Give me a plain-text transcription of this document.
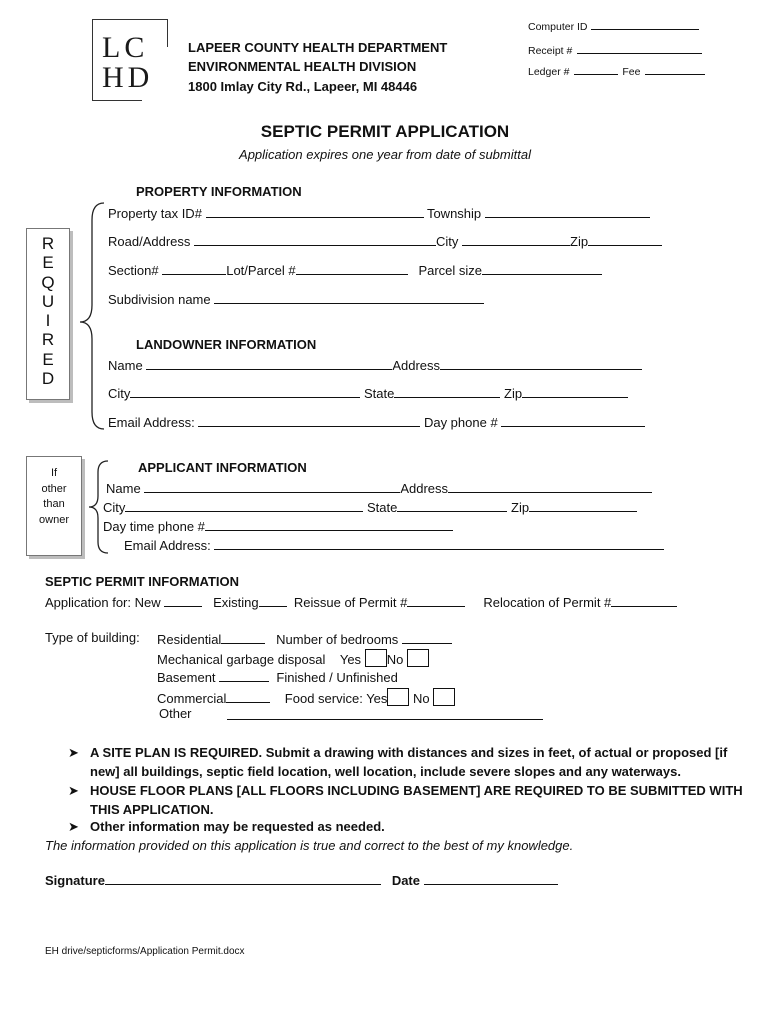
LCHD
Computer ID
Receipt #
Ledger #	Fee
LAPEER COUNTY HEALTH DEPARTMENT
ENVIRONMENTAL HEALTH DIVISION
1800 Imlay City Rd., Lapeer, MI 48446
SEPTIC PERMIT APPLICATION
Application expires one year from date of submittal
R
E
Q
U
I
R
E
D
PROPERTY INFORMATION
Property tax ID#	Township
Road/Address	City	Zip
Section#	Lot/Parcel #	Parcel size
Subdivision name
LANDOWNER INFORMATION
Name	Address
City	State	Zip
Email Address:	Day phone #
If
other
than
owner
APPLICANT INFORMATION
Name	Address
City	State	Zip
Day time phone #
Email Address:
SEPTIC PERMIT INFORMATION
Application for: New	Existing	Reissue of Permit #	Relocation of Permit #
Type of building: Residential	Number of bedrooms
Mechanical garbage disposal Yes No
Basement	Finished / Unfinished
Commercial	Food service: Yes No
Other
➤ A SITE PLAN IS REQUIRED. Submit a drawing with distances and sizes in feet, of actual or proposed [if new] all buildings, septic field location, well location, include severe slopes and any waterways.
➤ HOUSE FLOOR PLANS [ALL FLOORS INCLUDING BASEMENT] ARE REQUIRED TO BE SUBMITTED WITH THIS APPLICATION.
➤ Other information may be requested as needed.
The information provided on this application is true and correct to the best of my knowledge.
Signature	Date
EH drive/septicforms/Application Permit.docx
